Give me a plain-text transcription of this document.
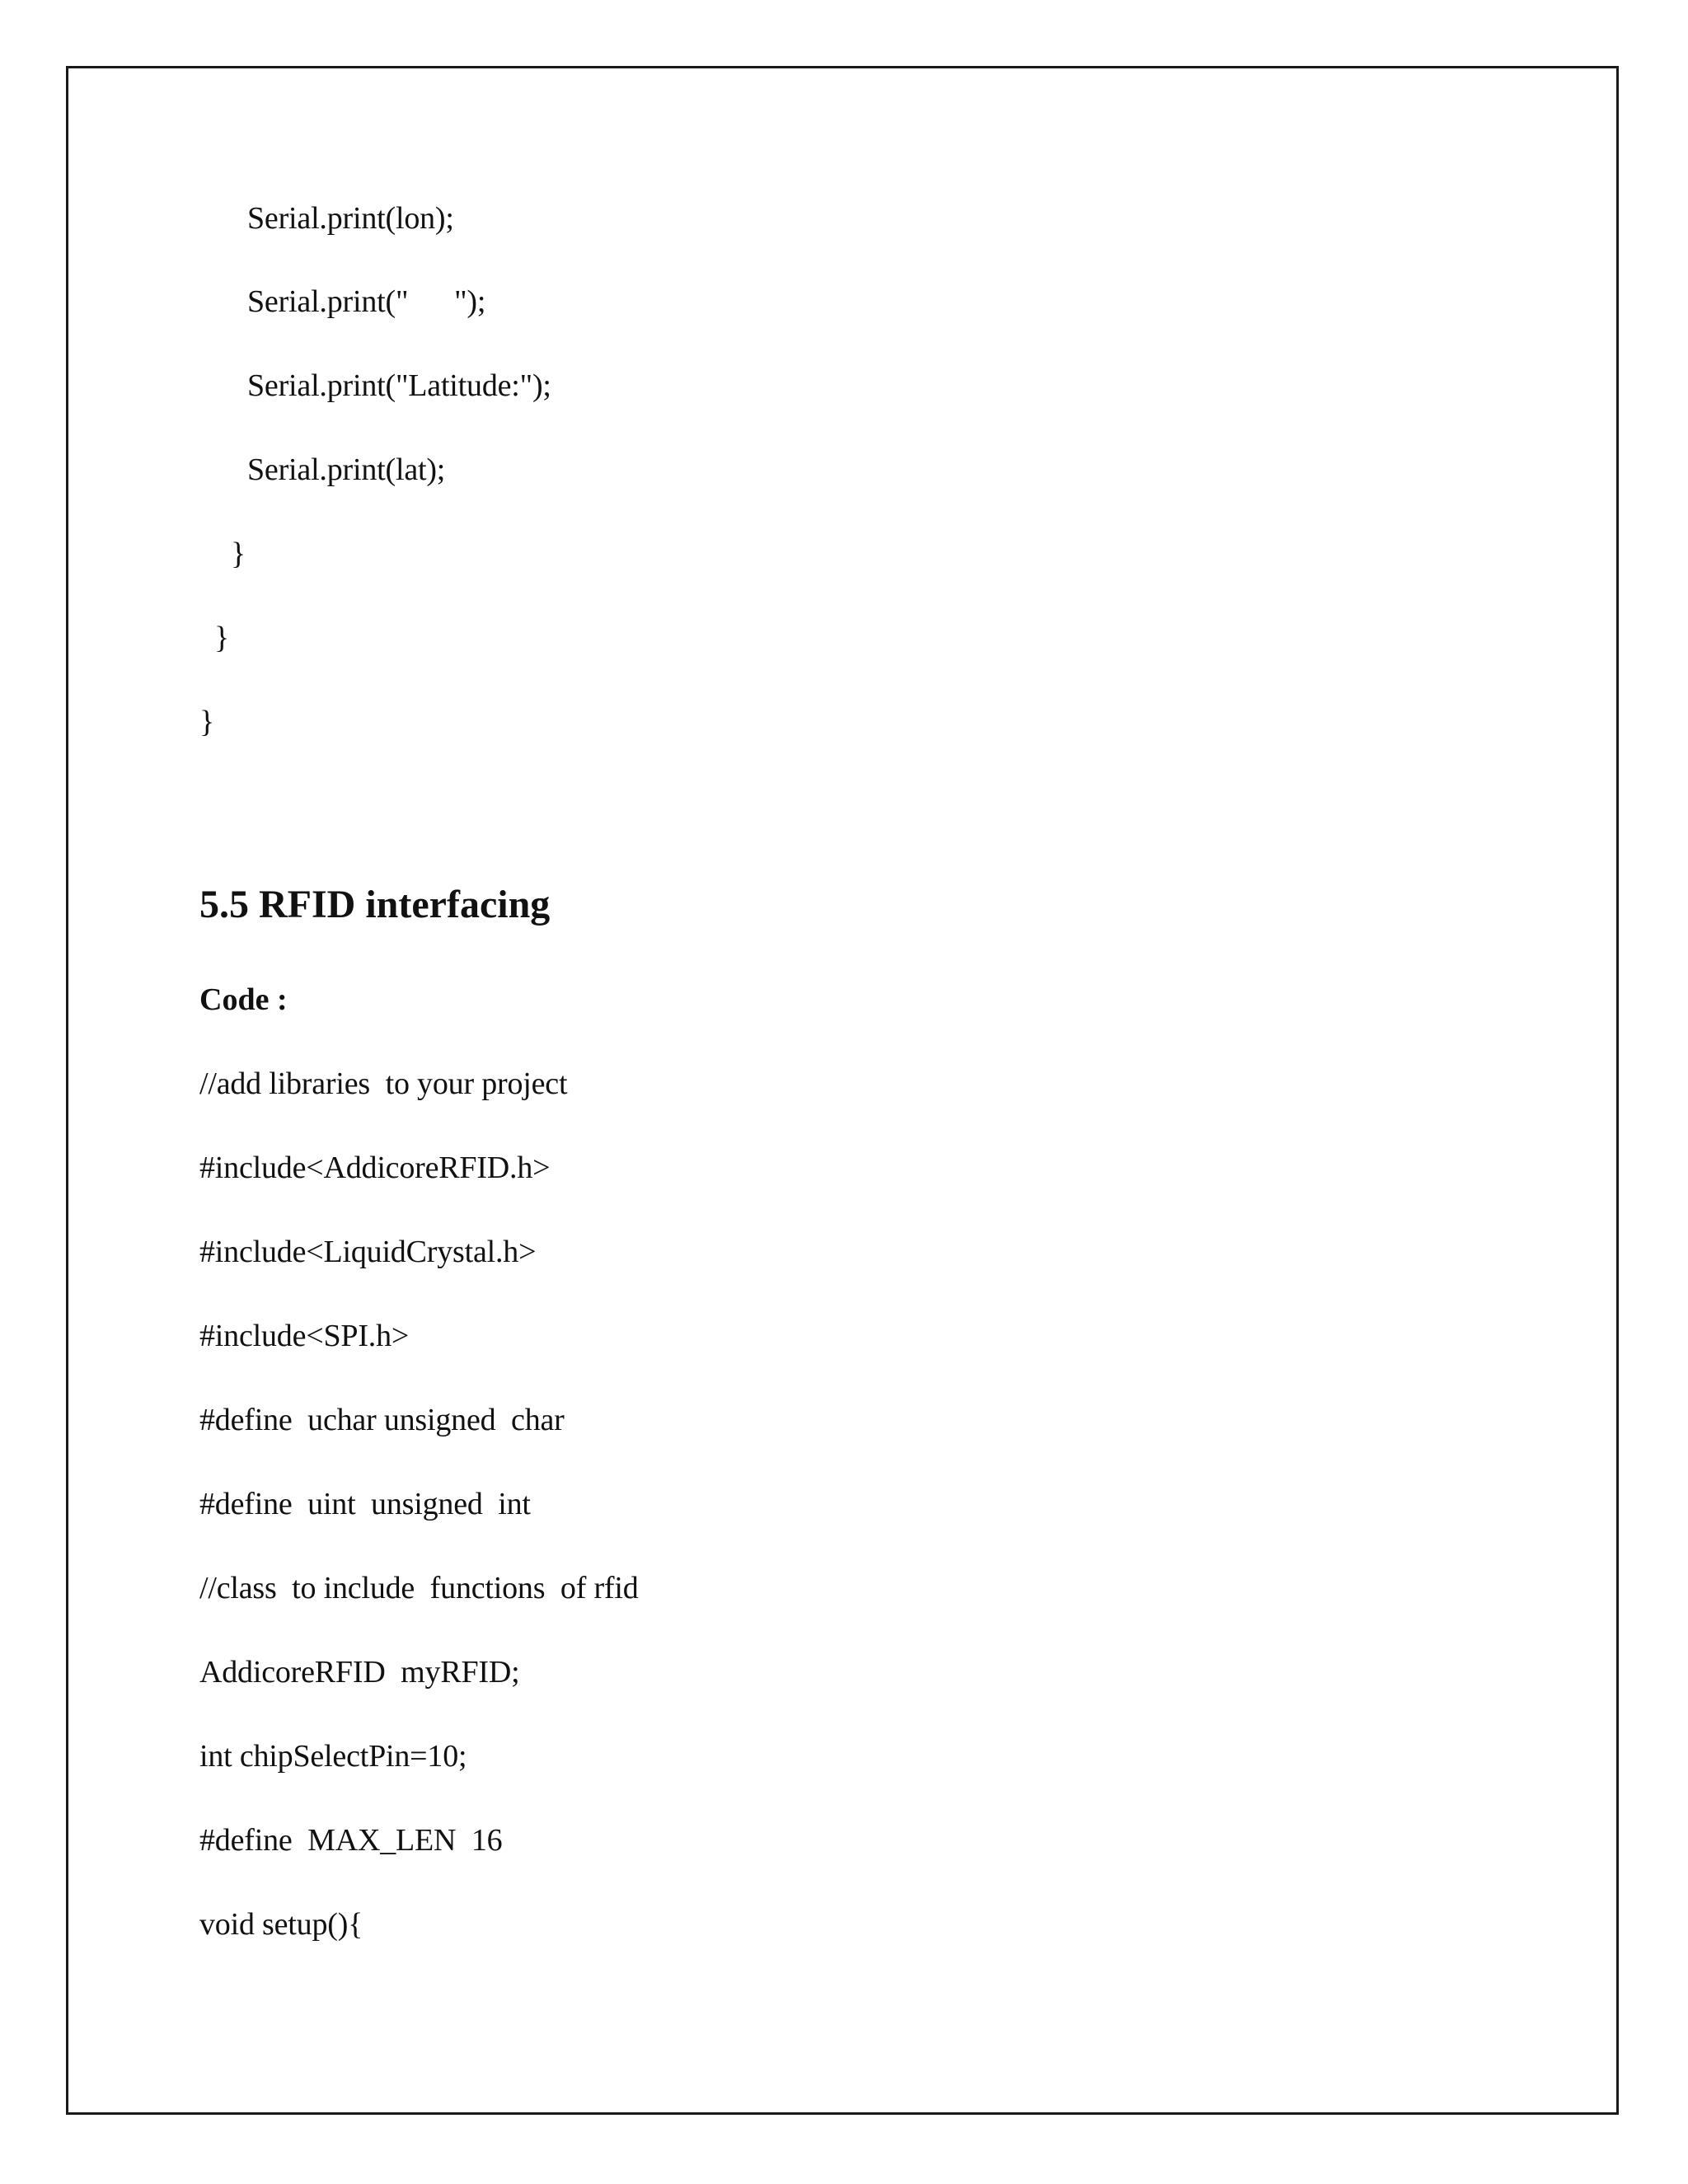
Serial.print(lon);
Serial.print("      ");
Serial.print("Latitude:");
Serial.print(lat);
}
}
}
5.5 RFID interfacing
Code :
//add libraries  to your project
#include<AddicoreRFID.h>
#include<LiquidCrystal.h>
#include<SPI.h>
#define  uchar unsigned  char
#define  uint  unsigned  int
//class  to include  functions  of rfid
AddicoreRFID  myRFID;
int chipSelectPin=10;
#define  MAX_LEN  16
void setup(){
